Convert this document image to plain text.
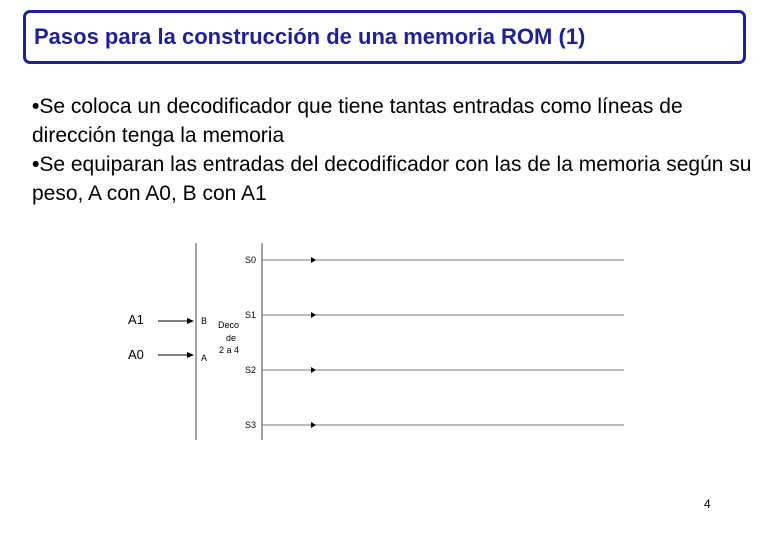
Pasos para la construcción de una memoria ROM (1)
•Se coloca un decodificador que tiene tantas entradas como líneas de dirección tenga la memoria
•Se equiparan las entradas del decodificador con las de la memoria según su peso, A con A0, B con A1
A1
A0
B
A
Deco
de
2 a 4
S0
S1
S2
S3
4
